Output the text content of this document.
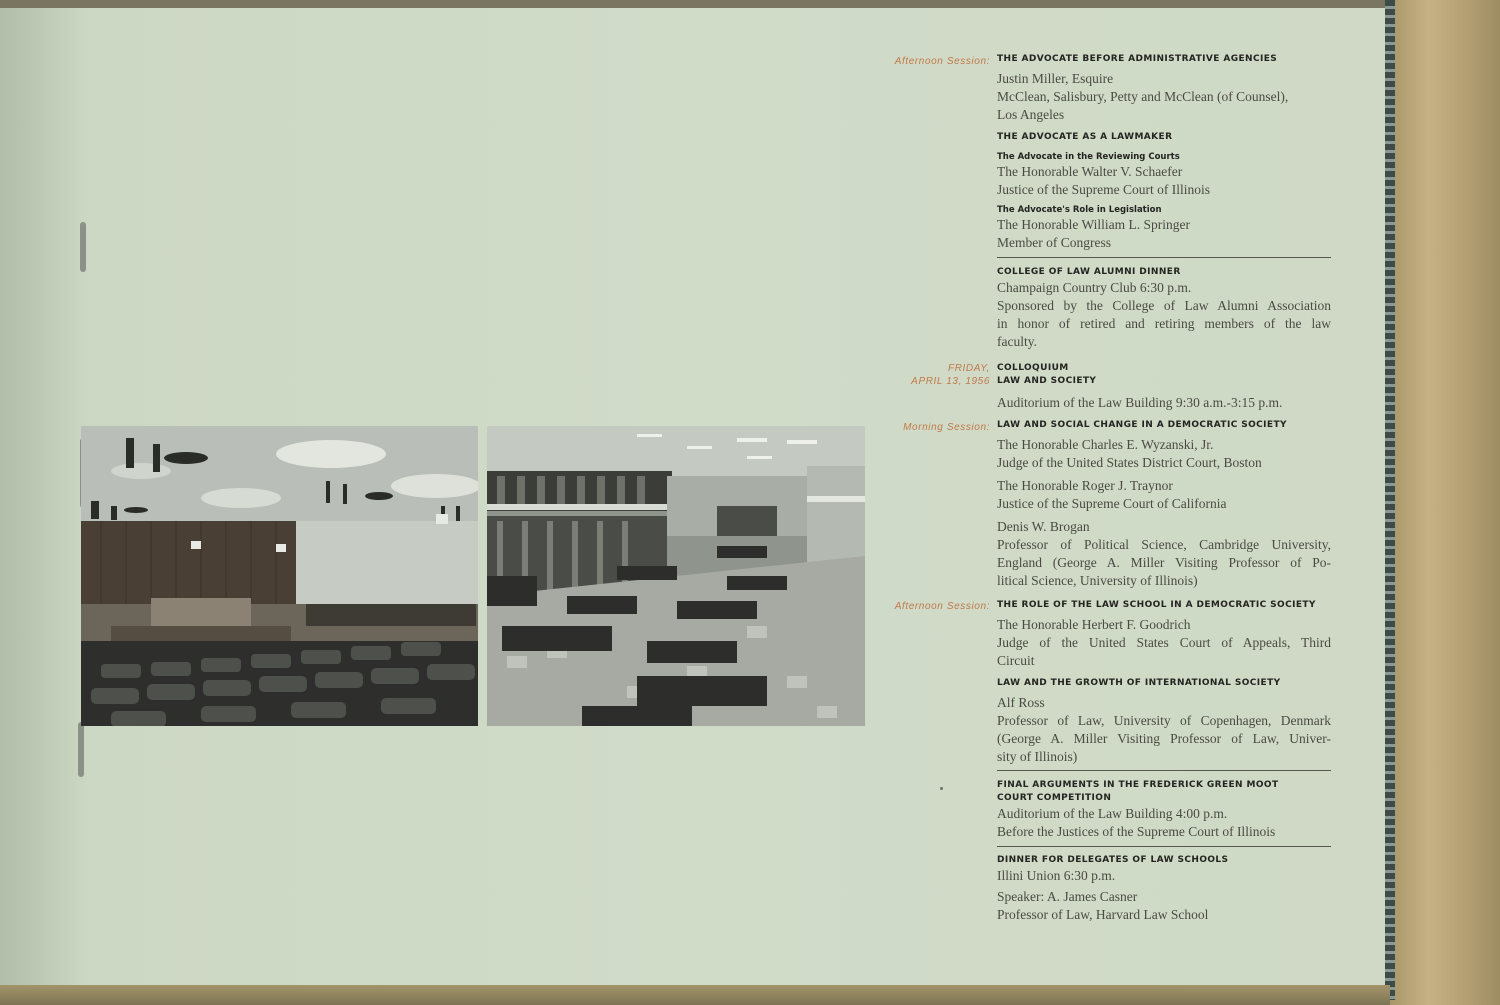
Afternoon Session:
FRIDAY,
APRIL 13, 1956
Morning Session:
Afternoon Session:
THE ADVOCATE BEFORE ADMINISTRATIVE AGENCIES
Justin Miller, Esquire
McClean, Salisbury, Petty and McClean (of Counsel),
Los Angeles
THE ADVOCATE AS A LAWMAKER
The Advocate in the Reviewing Courts
The Honorable Walter V. Schaefer
Justice of the Supreme Court of Illinois
The Advocate's Role in Legislation
The Honorable William L. Springer
Member of Congress
COLLEGE OF LAW ALUMNI DINNER
Champaign Country Club 6:30 p.m.
Sponsored by the College of Law Alumni Association
in honor of retired and retiring members of the law
faculty.
COLLOQUIUM
LAW AND SOCIETY
Auditorium of the Law Building 9:30 a.m.-3:15 p.m.
LAW AND SOCIAL CHANGE IN A DEMOCRATIC SOCIETY
The Honorable Charles E. Wyzanski, Jr.
Judge of the United States District Court, Boston
The Honorable Roger J. Traynor
Justice of the Supreme Court of California
Denis W. Brogan
Professor of Political Science, Cambridge University,
England (George A. Miller Visiting Professor of Po-
litical Science, University of Illinois)
THE ROLE OF THE LAW SCHOOL IN A DEMOCRATIC SOCIETY
The Honorable Herbert F. Goodrich
Judge of the United States Court of Appeals, Third
Circuit
LAW AND THE GROWTH OF INTERNATIONAL SOCIETY
Alf Ross
Professor of Law, University of Copenhagen, Denmark
(George A. Miller Visiting Professor of Law, Univer-
sity of Illinois)
FINAL ARGUMENTS IN THE FREDERICK GREEN MOOT
COURT COMPETITION
Auditorium of the Law Building 4:00 p.m.
Before the Justices of the Supreme Court of Illinois
DINNER FOR DELEGATES OF LAW SCHOOLS
Illini Union 6:30 p.m.
Speaker: A. James Casner
Professor of Law, Harvard Law School
